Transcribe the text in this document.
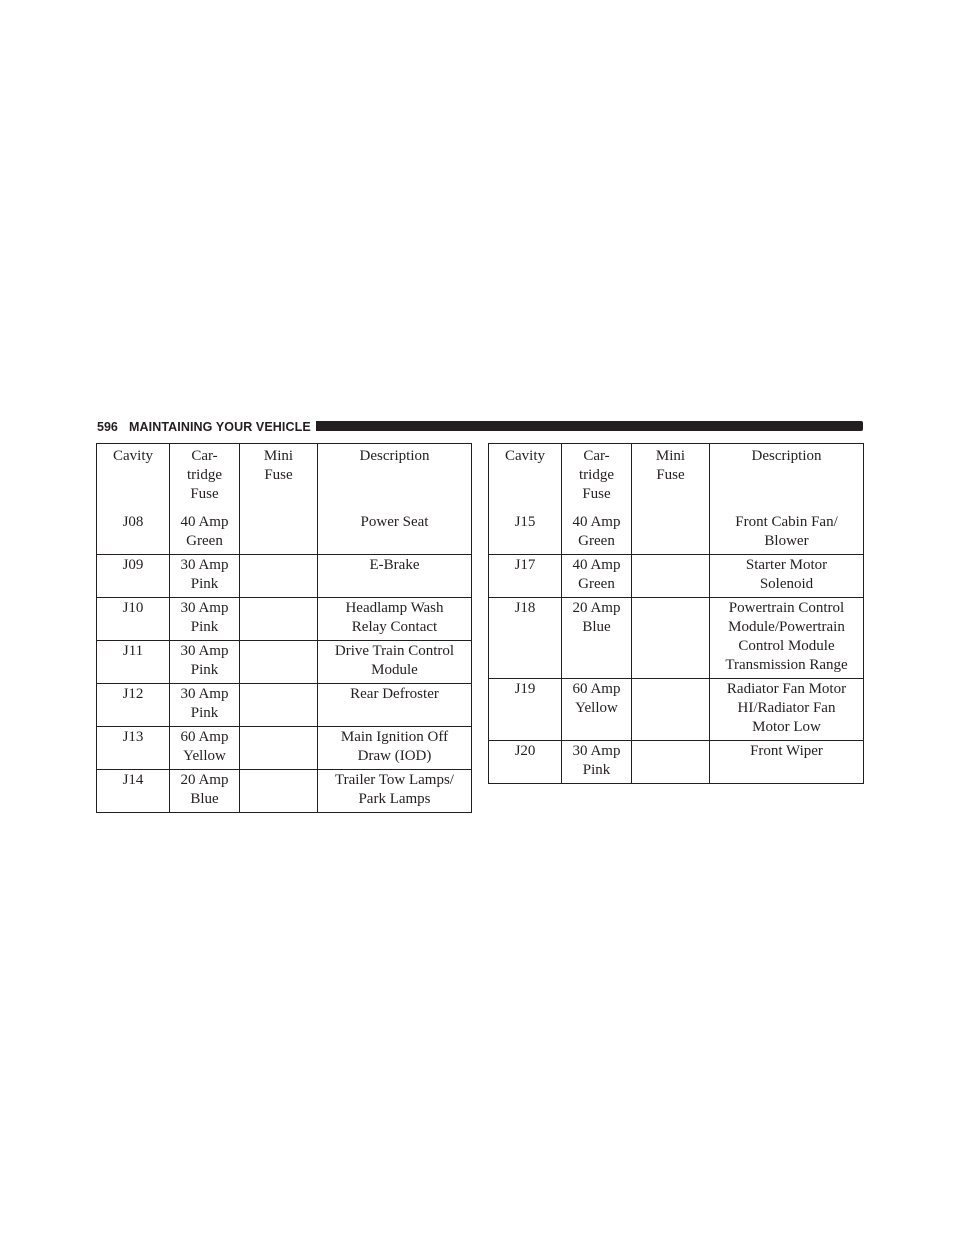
596 MAINTAINING YOUR VEHICLE
Cavity	Car-
tridge
Fuse	Mini
Fuse	Description
J08	40 Amp
Green		Power Seat

J09	30 Amp
Pink		E-Brake

J10	30 Amp
Pink		Headlamp Wash
Relay Contact

J11	30 Amp
Pink		Drive Train Control
Module

J12	30 Amp
Pink		Rear Defroster

J13	60 Amp
Yellow		Main Ignition Off
Draw (IOD)

J14	20 Amp
Blue		Trailer Tow Lamps/
Park Lamps
Cavity	Car-
tridge
Fuse	Mini
Fuse	Description
J15	40 Amp
Green		Front Cabin Fan/
Blower

J17	40 Amp
Green		Starter Motor
Solenoid

J18	20 Amp
Blue		Powertrain Control
Module/Powertrain
Control Module
Transmission Range

J19	60 Amp
Yellow		Radiator Fan Motor
HI/Radiator Fan
Motor Low

J20	30 Amp
Pink		Front Wiper
